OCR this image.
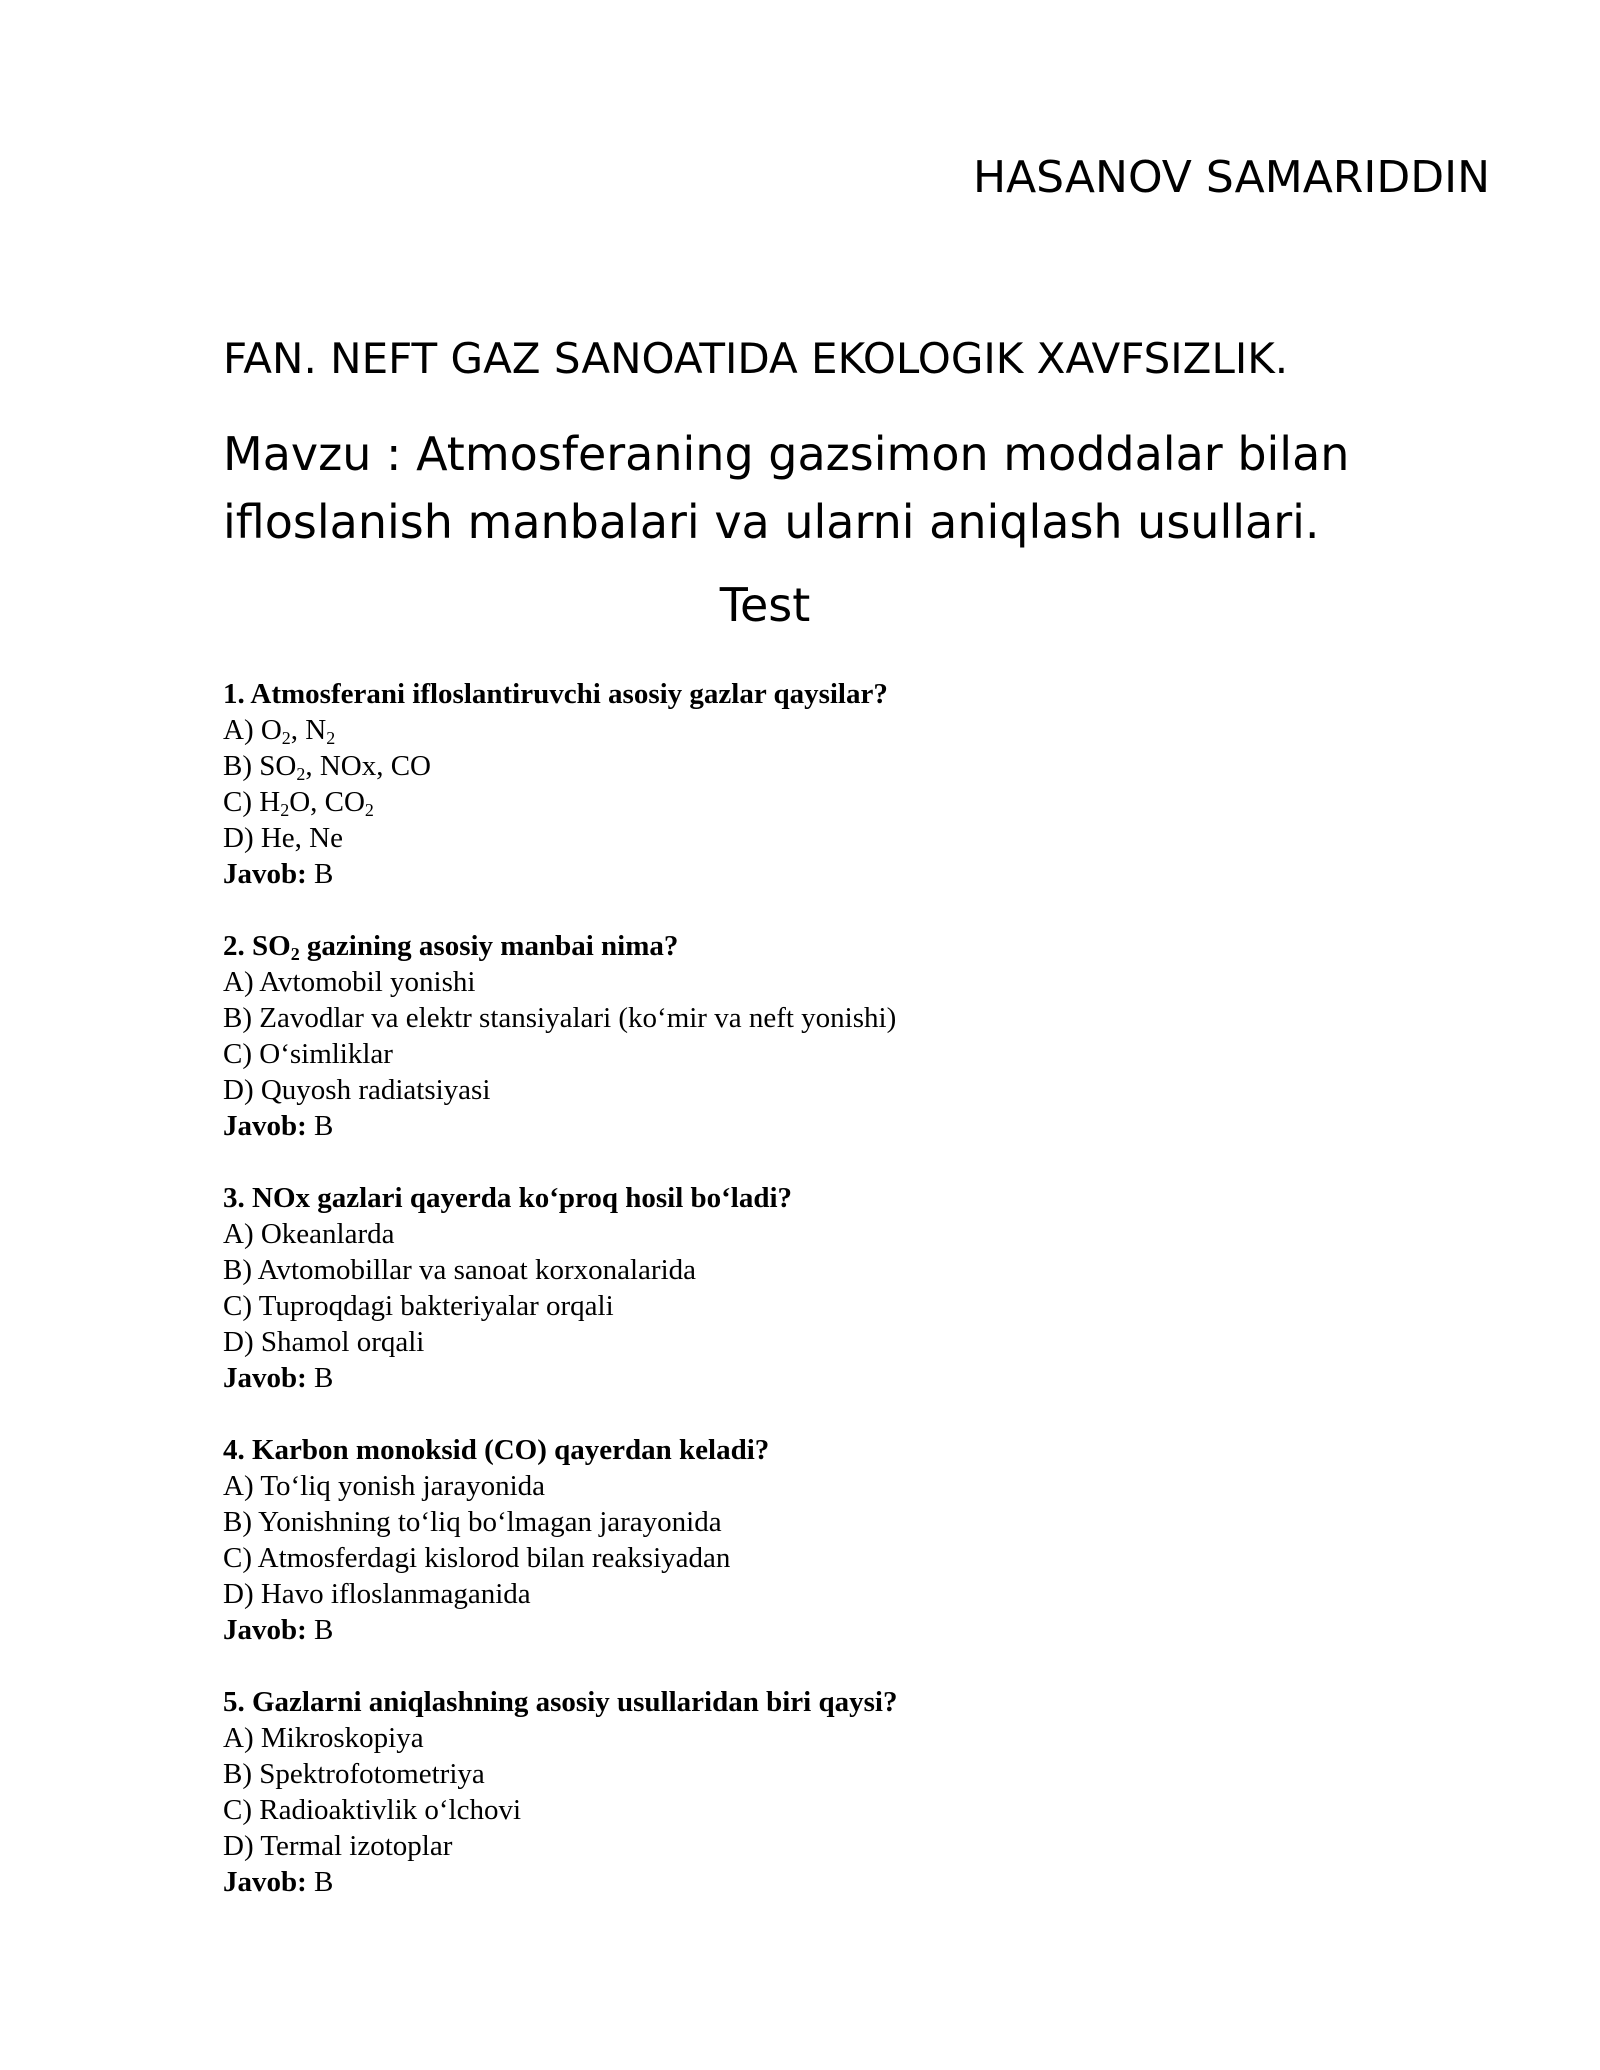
HASANOV SAMARIDDIN
FAN. NEFT GAZ SANOATIDA EKOLOGIK XAVFSIZLIK.
Mavzu : Atmosferaning gazsimon moddalar bilan ifloslanish manbalari va ularni aniqlash usullari.
Test
1. Atmosferani ifloslantiruvchi asosiy gazlar qaysilar?
A) $O_2$, $N_2$
B) $SO_2$, NOx, CO
C) $H_2O$, $CO_2$
D) He, Ne
Javob: B
2. $SO_2$ gazining asosiy manbai nima?
A) Avtomobil yonishi
B) Zavodlar va elektr stansiyalari (ko‘mir va neft yonishi)
C) O‘simliklar
D) Quyosh radiatsiyasi
Javob: B
3. NOx gazlari qayerda ko‘proq hosil bo‘ladi?
A) Okeanlarda
B) Avtomobillar va sanoat korxonalarida
C) Tuproqdagi bakteriyalar orqali
D) Shamol orqali
Javob: B
4. Karbon monoksid (CO) qayerdan keladi?
A) To‘liq yonish jarayonida
B) Yonishning to‘liq bo‘lmagan jarayonida
C) Atmosferdagi kislorod bilan reaksiyadan
D) Havo ifloslanmaganida
Javob: B
5. Gazlarni aniqlashning asosiy usullaridan biri qaysi?
A) Mikroskopiya
B) Spektrofotometriya
C) Radioaktivlik o‘lchovi
D) Termal izotoplar
Javob: B
